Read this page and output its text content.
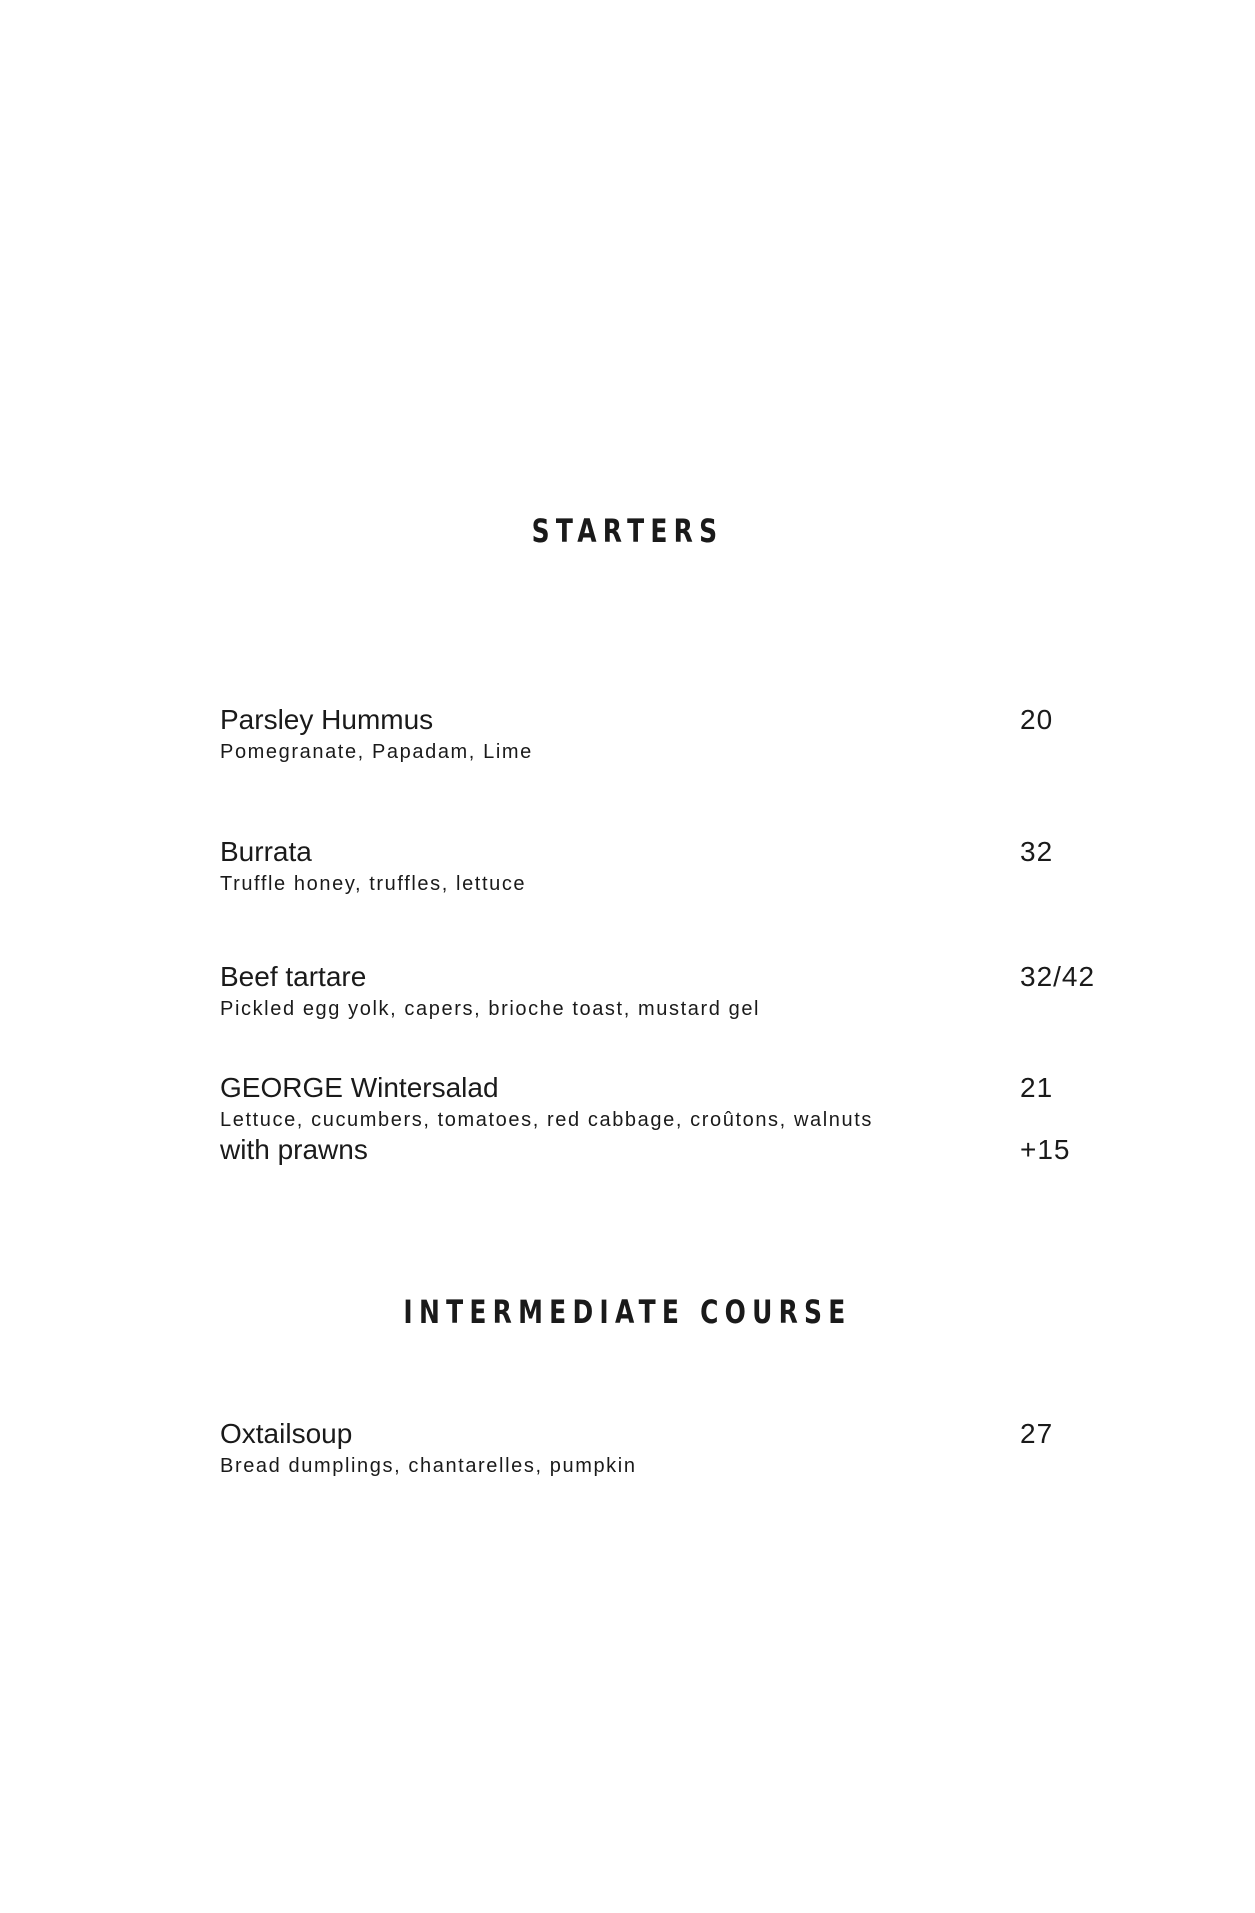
STARTERS
Parsley Hummus
Pomegranate, Papadam, Lime
20
Burrata
Truffle honey, truffles, lettuce
32
Beef tartare
Pickled egg yolk, capers, brioche toast, mustard gel
32/42
GEORGE Wintersalad
Lettuce, cucumbers, tomatoes, red cabbage, croûtons, walnuts
21
with prawns	+15
INTERMEDIATE COURSE
Oxtailsoup
Bread dumplings, chantarelles, pumpkin
27
